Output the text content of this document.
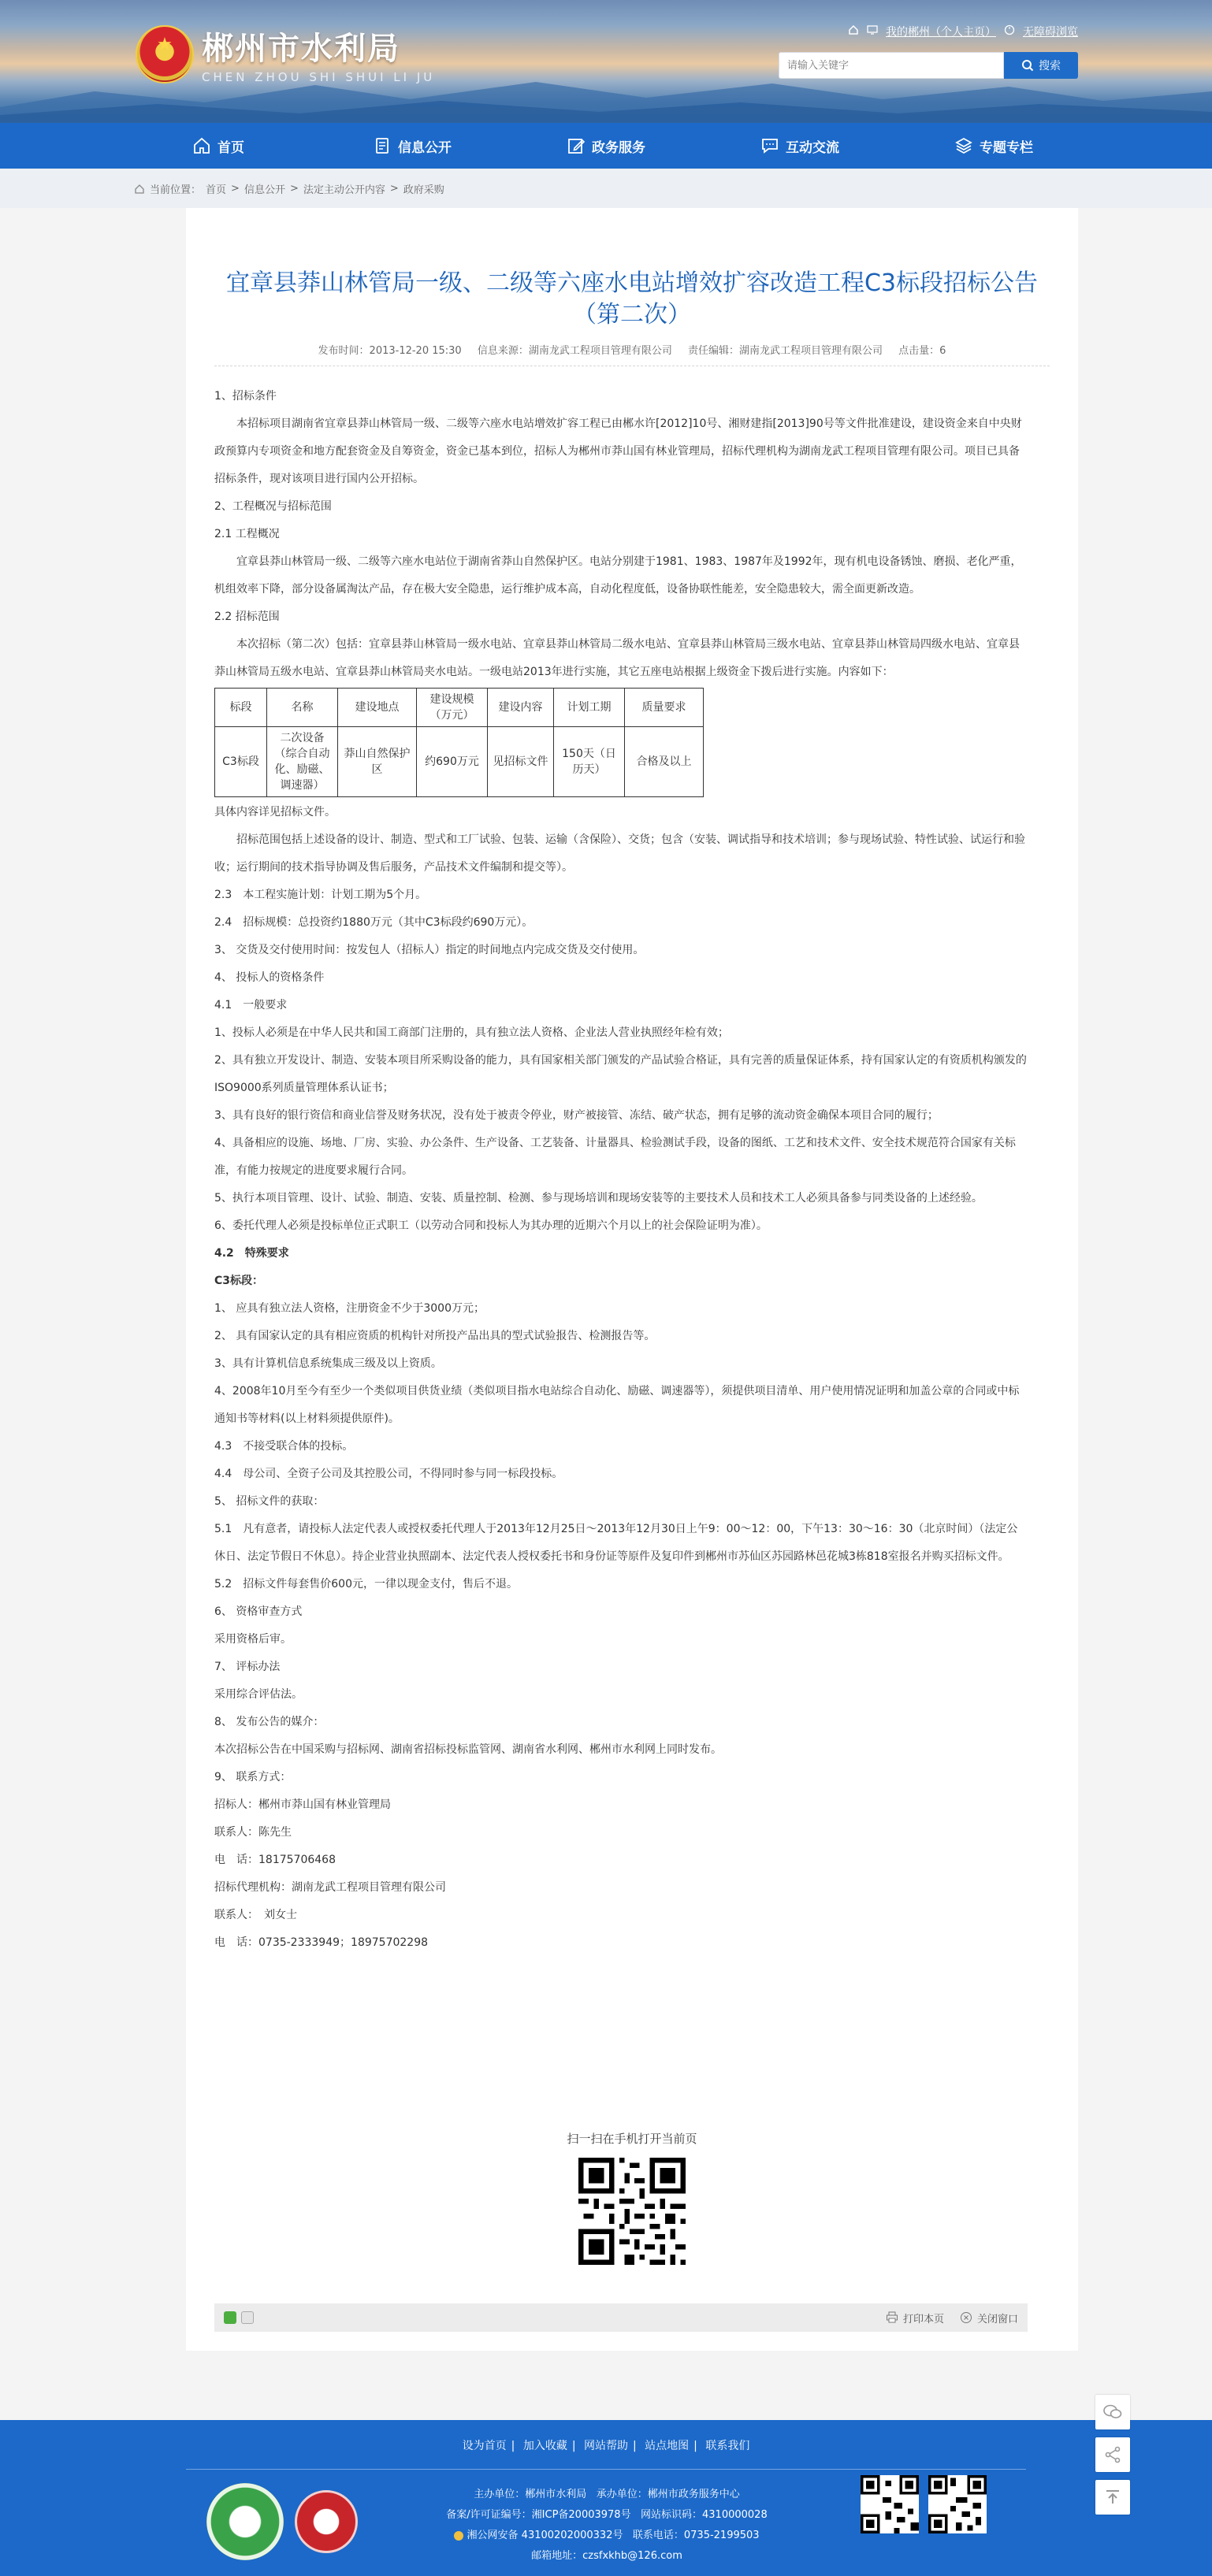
★ 郴州市水利局
CHEN ZHOU SHI SHUI LI JU
我的郴州（个人主页） 无障碍浏览
请输入关键字
搜索
首页	信息公开	政务服务	互动交流	专题专栏
当前位置： 首页 > 信息公开 > 法定主动公开内容 > 政府采购
宜章县莽山林管局一级、二级等六座水电站增效扩容改造工程C3标段招标公告（第二次）
发布时间：2013-12-20 15:30 信息来源：湖南龙武工程项目管理有限公司 责任编辑：湖南龙武工程项目管理有限公司 点击量：6

1、招标条件

本招标项目湖南省宜章县莽山林管局一级、二级等六座水电站增效扩容工程已由郴水许[2012]10号、湘财建指[2013]90号等文件批准建设，建设资金来自中央财政预算内专项资金和地方配套资金及自筹资金，资金已基本到位，招标人为郴州市莽山国有林业管理局，招标代理机构为湖南龙武工程项目管理有限公司。项目已具备招标条件，现对该项目进行国内公开招标。

2、工程概况与招标范围

2.1 工程概况

宜章县莽山林管局一级、二级等六座水电站位于湖南省莽山自然保护区。电站分别建于1981、1983、1987年及1992年，现有机电设备锈蚀、磨损、老化严重，机组效率下降，部分设备属淘汰产品，存在极大安全隐患，运行维护成本高，自动化程度低，设备协联性能差，安全隐患较大，需全面更新改造。

2.2 招标范围

本次招标（第二次）包括：宜章县莽山林管局一级水电站、宜章县莽山林管局二级水电站、宜章县莽山林管局三级水电站、宜章县莽山林管局四级水电站、宜章县莽山林管局五级水电站、宜章县莽山林管局夹水电站。一级电站2013年进行实施，其它五座电站根据上级资金下拨后进行实施。内容如下：

标段	名称	建设地点	建设规模（万元）	建设内容	计划工期	质量要求
C3标段	二次设备（综合自动化、励磁、调速器）	莽山自然保护区	约690万元	见招标文件	150天（日历天）	合格及以上

具体内容详见招标文件。

招标范围包括上述设备的设计、制造、型式和工厂试验、包装、运输（含保险）、交货；包含（安装、调试指导和技术培训；参与现场试验、特性试验、试运行和验收；运行期间的技术指导协调及售后服务，产品技术文件编制和提交等）。

2.3　本工程实施计划：计划工期为5个月。

2.4　招标规模：总投资约1880万元（其中C3标段约690万元）。

3、 交货及交付使用时间：按发包人（招标人）指定的时间地点内完成交货及交付使用。

4、 投标人的资格条件

4.1　一般要求

1、投标人必须是在中华人民共和国工商部门注册的，具有独立法人资格、企业法人营业执照经年检有效；

2、具有独立开发设计、制造、安装本项目所采购设备的能力，具有国家相关部门颁发的产品试验合格证，具有完善的质量保证体系，持有国家认定的有资质机构颁发的ISO9000系列质量管理体系认证书；

3、具有良好的银行资信和商业信誉及财务状况，没有处于被责令停业，财产被接管、冻结、破产状态，拥有足够的流动资金确保本项目合同的履行；

4、具备相应的设施、场地、厂房、实验、办公条件、生产设备、工艺装备、计量器具、检验测试手段，设备的图纸、工艺和技术文件、安全技术规范符合国家有关标准，有能力按规定的进度要求履行合同。

5、执行本项目管理、设计、试验、制造、安装、质量控制、检测、参与现场培训和现场安装等的主要技术人员和技术工人必须具备参与同类设备的上述经验。

6、委托代理人必须是投标单位正式职工（以劳动合同和投标人为其办理的近期六个月以上的社会保险证明为准）。

4.2　特殊要求

C3标段：

1、 应具有独立法人资格，注册资金不少于3000万元；

2、 具有国家认定的具有相应资质的机构针对所投产品出具的型式试验报告、检测报告等。

3、具有计算机信息系统集成三级及以上资质。

4、2008年10月至今有至少一个类似项目供货业绩（类似项目指水电站综合自动化、励磁、调速器等），须提供项目清单、用户使用情况证明和加盖公章的合同或中标通知书等材料(以上材料须提供原件)。

4.3　不接受联合体的投标。

4.4　母公司、全资子公司及其控股公司，不得同时参与同一标段投标。

5、 招标文件的获取：

5.1　凡有意者，请投标人法定代表人或授权委托代理人于2013年12月25日～2013年12月30日上午9：00～12：00，下午13：30～16：30（北京时间）（法定公休日、法定节假日不休息）。持企业营业执照副本、法定代表人授权委托书和身份证等原件及复印件到郴州市苏仙区苏园路林邑花城3栋818室报名并购买招标文件。

5.2　招标文件每套售价600元，一律以现金支付，售后不退。

6、 资格审查方式

采用资格后审。

7、 评标办法

采用综合评估法。

8、 发布公告的媒介：

本次招标公告在中国采购与招标网、湖南省招标投标监管网、湖南省水利网、郴州市水利网上同时发布。

9、 联系方式：

招标人：郴州市莽山国有林业管理局

联系人：陈先生

电　话：18175706468

招标代理机构：湖南龙武工程项目管理有限公司

联系人：　刘女士

电　话：0735-2333949；18975702298

扫一扫在手机打开当前页
打印本页	关闭窗口
设为首页 | 加入收藏 | 网站帮助 | 站点地图 | 联系我们
主办单位：郴州市水利局 承办单位：郴州市政务服务中心
备案/许可证编号：湘ICP备20003978号 网站标识码：4310000028
湘公网安备 43100202000332号 联系电话：0735-2199503
邮箱地址：czsfxkhb@126.com
